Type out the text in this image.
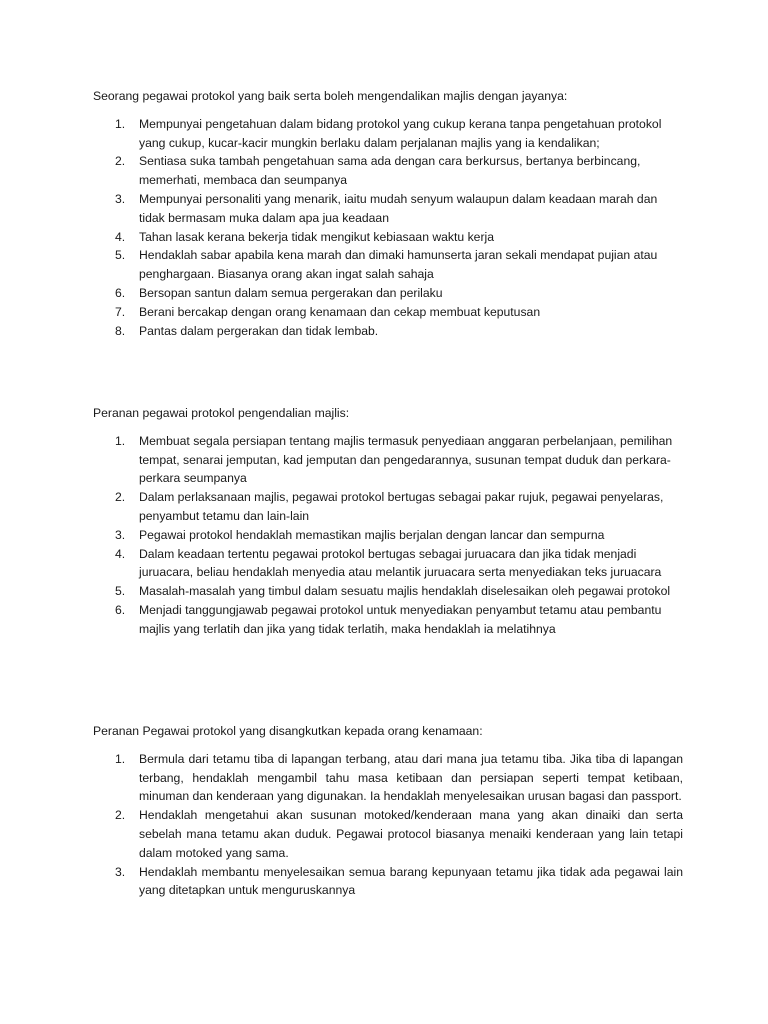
Seorang pegawai protokol yang baik serta boleh mengendalikan majlis dengan jayanya:

1. Mempunyai pengetahuan dalam bidang protokol yang cukup kerana tanpa pengetahuan protokol yang cukup, kucar-kacir mungkin berlaku dalam perjalanan majlis yang ia kendalikan;
2. Sentiasa suka tambah pengetahuan sama ada dengan cara berkursus, bertanya berbincang, memerhati, membaca dan seumpanya
3. Mempunyai personaliti yang menarik, iaitu mudah senyum walaupun dalam keadaan marah dan tidak bermasam muka dalam apa jua keadaan
4. Tahan lasak kerana bekerja tidak mengikut kebiasaan waktu kerja
5. Hendaklah sabar apabila kena marah dan dimaki hamunserta jaran sekali mendapat pujian atau penghargaan. Biasanya orang akan ingat salah sahaja
6. Bersopan santun dalam semua pergerakan dan perilaku
7. Berani bercakap dengan orang kenamaan dan cekap membuat keputusan
8. Pantas dalam pergerakan dan tidak lembab.

Peranan pegawai protokol pengendalian majlis:

1. Membuat segala persiapan tentang majlis termasuk penyediaan anggaran perbelanjaan, pemilihan tempat, senarai jemputan, kad jemputan dan pengedarannya, susunan tempat duduk dan perkara-perkara seumpanya
2. Dalam perlaksanaan majlis, pegawai protokol bertugas sebagai pakar rujuk, pegawai penyelaras, penyambut tetamu dan lain-lain
3. Pegawai protokol hendaklah memastikan majlis berjalan dengan lancar dan sempurna
4. Dalam keadaan tertentu pegawai protokol bertugas sebagai juruacara dan jika tidak menjadi juruacara, beliau hendaklah menyedia atau melantik juruacara serta menyediakan teks juruacara
5. Masalah-masalah yang timbul dalam sesuatu majlis hendaklah diselesaikan oleh pegawai protokol
6. Menjadi tanggungjawab pegawai protokol untuk menyediakan penyambut tetamu atau pembantu majlis yang terlatih dan jika yang tidak terlatih, maka hendaklah ia melatihnya

Peranan Pegawai protokol yang disangkutkan kepada orang kenamaan:

1. Bermula dari tetamu tiba di lapangan terbang, atau dari mana jua tetamu tiba. Jika tiba di lapangan terbang, hendaklah mengambil tahu masa ketibaan dan persiapan seperti tempat ketibaan, minuman dan kenderaan yang digunakan. Ia hendaklah menyelesaikan urusan bagasi dan passport.
2. Hendaklah mengetahui akan susunan motoked/kenderaan mana yang akan dinaiki dan serta sebelah mana tetamu akan duduk. Pegawai protocol biasanya menaiki kenderaan yang lain tetapi dalam motoked yang sama.
3. Hendaklah membantu menyelesaikan semua barang kepunyaan tetamu jika tidak ada pegawai lain yang ditetapkan untuk menguruskannya
